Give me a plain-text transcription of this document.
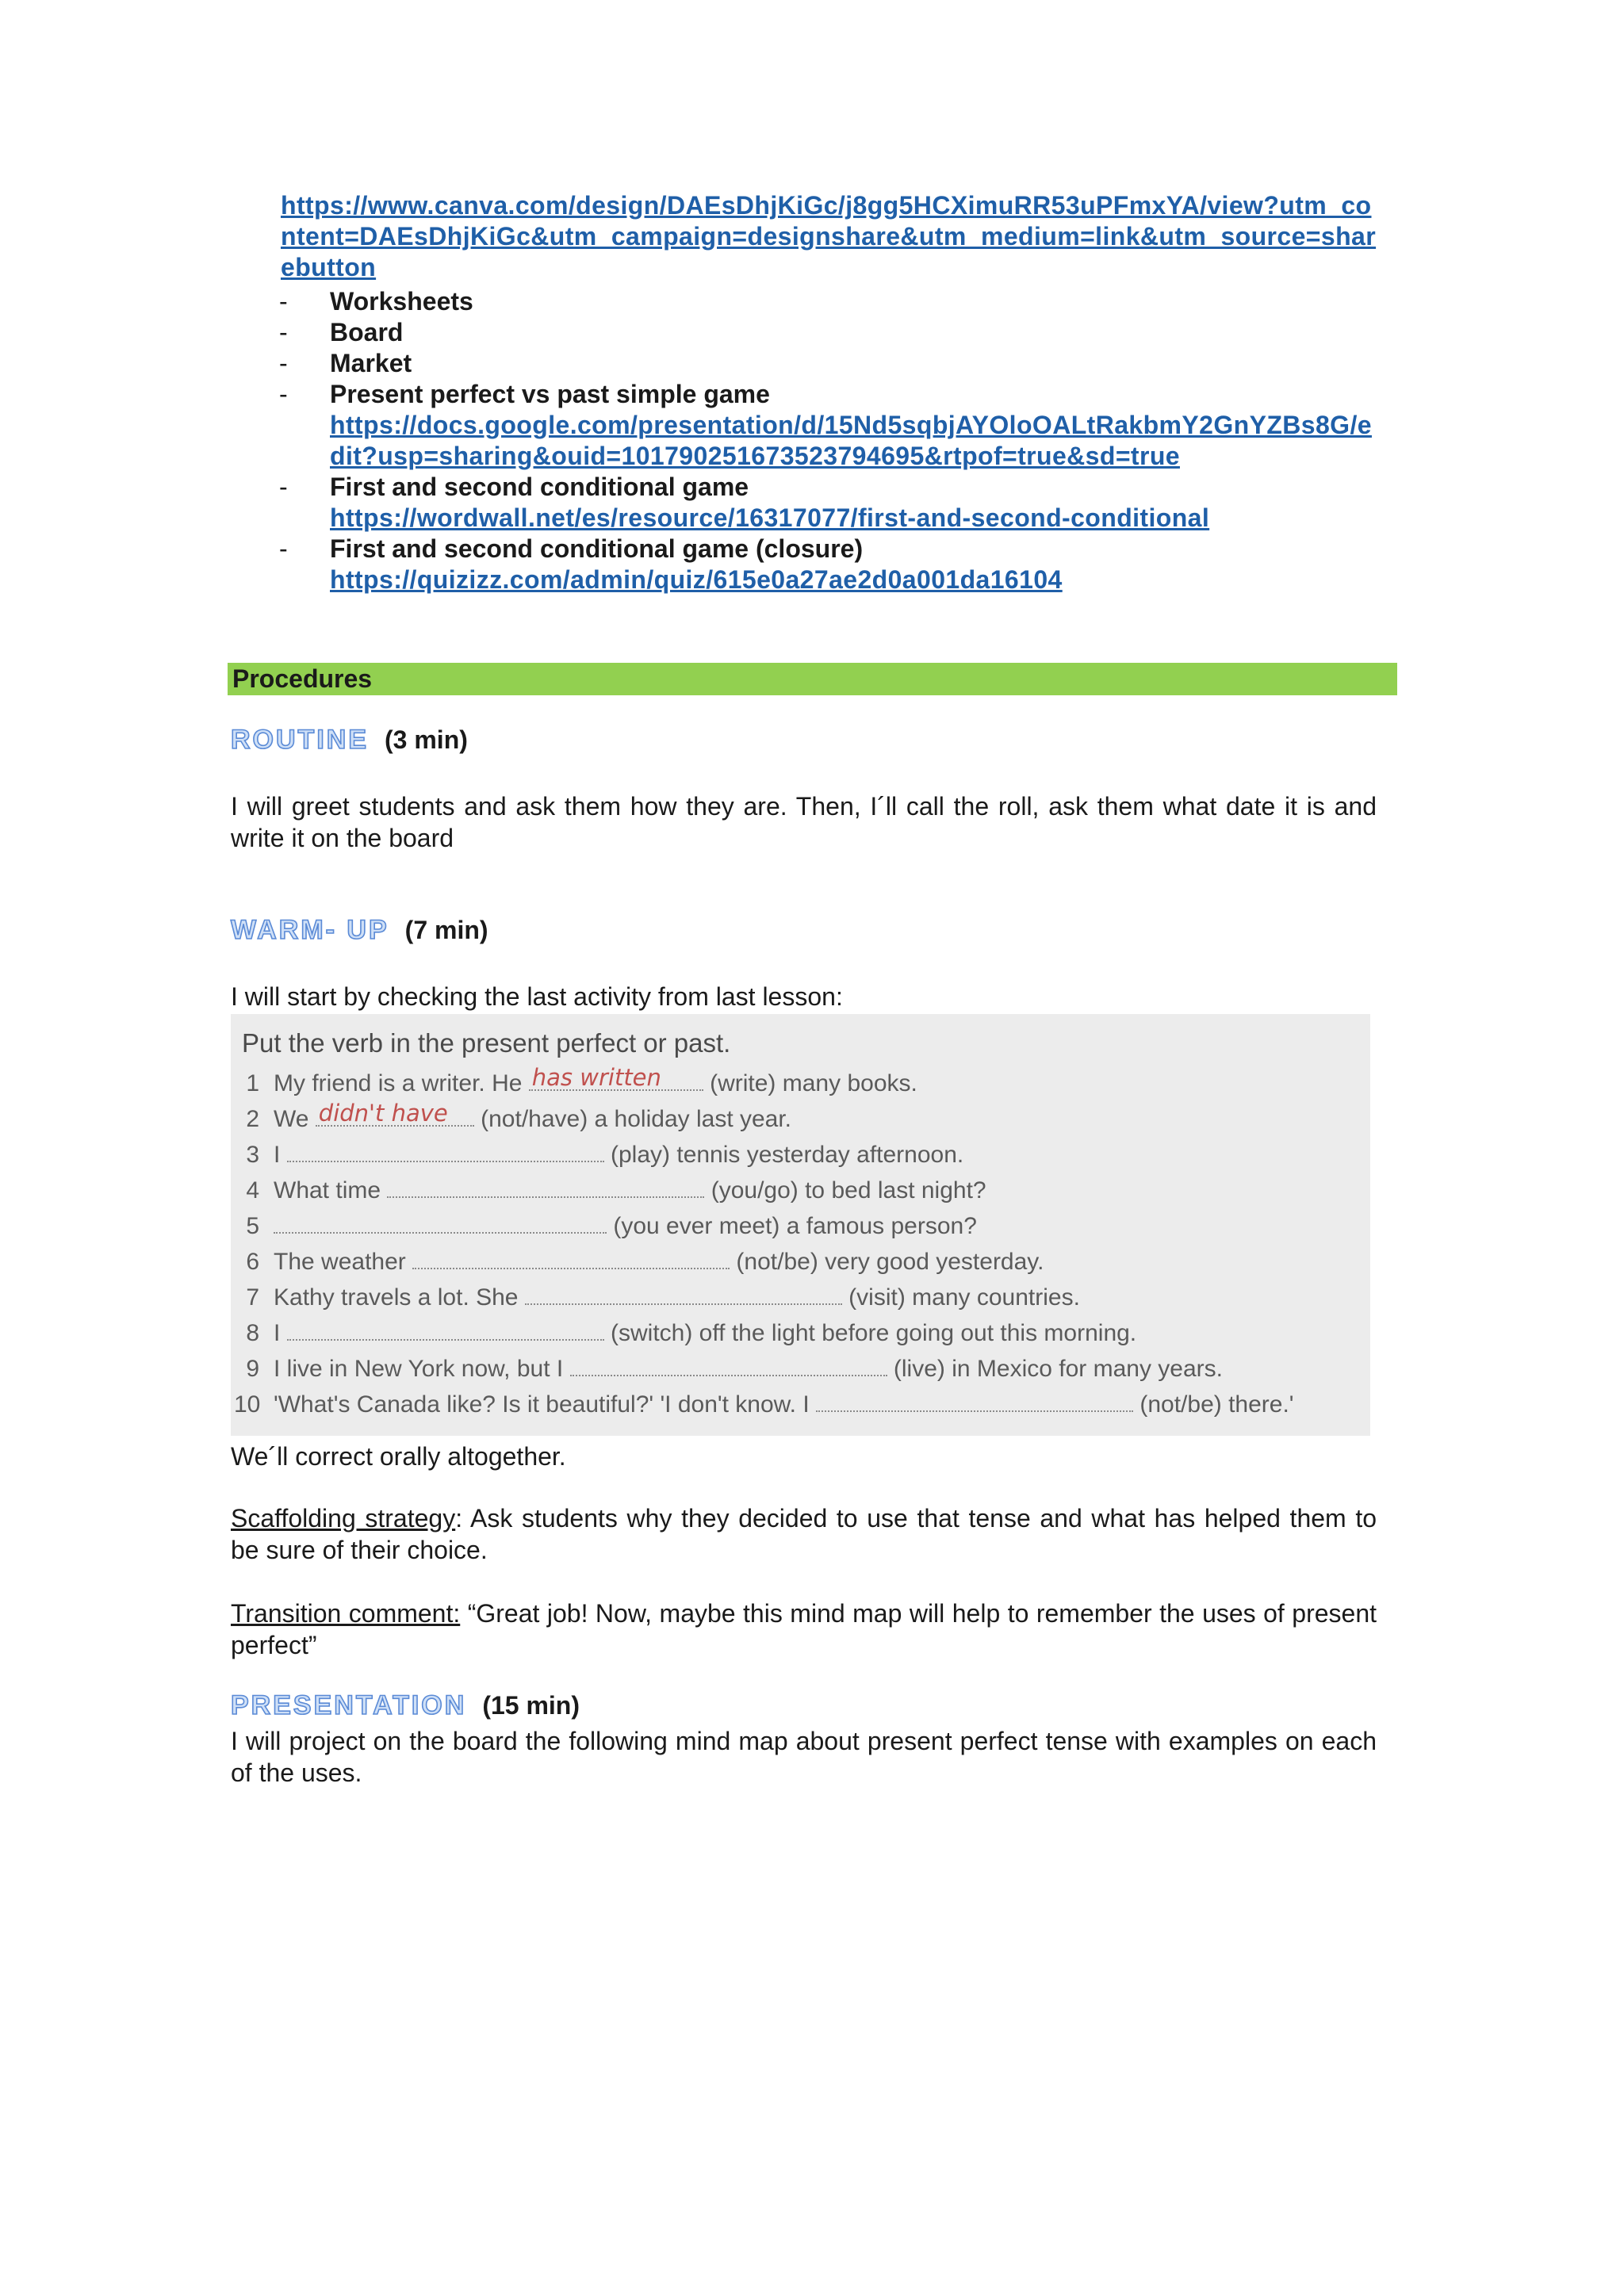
https://www.canva.com/design/DAEsDhjKiGc/j8gg5HCXimuRR53uPFmxYA/view?utm_content=DAEsDhjKiGc&utm_campaign=designshare&utm_medium=link&utm_source=sharebutton
- Worksheets
- Board
- Market
- Present perfect vs past simple game
https://docs.google.com/presentation/d/15Nd5sqbjAYOloOALtRakbmY2GnYZBs8G/edit?usp=sharing&ouid=101790251673523794695&rtpof=true&sd=true
- First and second conditional game
https://wordwall.net/es/resource/16317077/first-and-second-conditional
- First and second conditional game (closure)
https://quizizz.com/admin/quiz/615e0a27ae2d0a001da16104
Procedures
ROUTINE (3 min)
I will greet students and ask them how they are. Then, I´ll call the roll, ask them what date it is and write it on the board
WARM- UP (7 min)
I will start by checking the last activity from last lesson:
Put the verb in the present perfect or past.
1 My friend is a writer. He has written (write) many books.
2 We didn't have (not/have) a holiday last year.
3 I	(play) tennis yesterday afternoon.
4 What time	(you/go) to bed last night?
5	(you ever meet) a famous person?
6 The weather	(not/be) very good yesterday.
7 Kathy travels a lot. She	(visit) many countries.
8 I	(switch) off the light before going out this morning.
9 I live in New York now, but I	(live) in Mexico for many years.
10 'What's Canada like? Is it beautiful?' 'I don't know. I	(not/be) there.'
We´ll correct orally altogether.
Scaffolding strategy: Ask students why they decided to use that tense and what has helped them to be sure of their choice.
Transition comment: “Great job! Now, maybe this mind map will help to remember the uses of present perfect”
PRESENTATION (15 min)
I will project on the board the following mind map about present perfect tense with examples on each of the uses.
